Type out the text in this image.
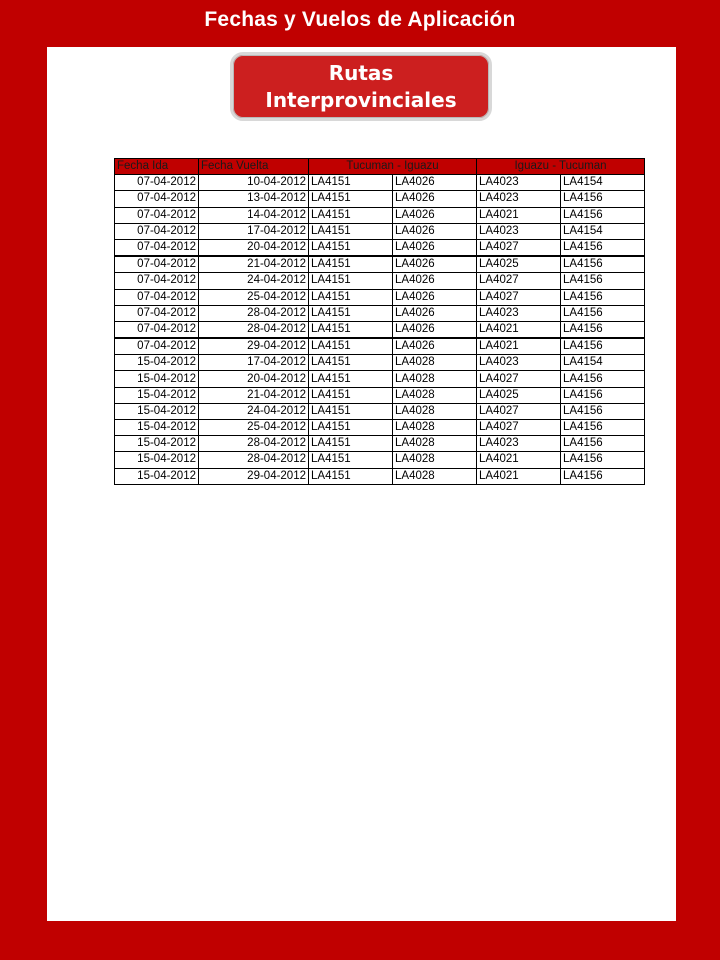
Fechas y Vuelos de Aplicación
Rutas Interprovinciales
Fecha Ida	Fecha Vuelta	Tucuman - Iguazu		Iguazu - Tucuman	
07-04-2012	10-04-2012	LA4151	LA4026	LA4023	LA4154
07-04-2012	13-04-2012	LA4151	LA4026	LA4023	LA4156
07-04-2012	14-04-2012	LA4151	LA4026	LA4021	LA4156
07-04-2012	17-04-2012	LA4151	LA4026	LA4023	LA4154
07-04-2012	20-04-2012	LA4151	LA4026	LA4027	LA4156
07-04-2012	21-04-2012	LA4151	LA4026	LA4025	LA4156
07-04-2012	24-04-2012	LA4151	LA4026	LA4027	LA4156
07-04-2012	25-04-2012	LA4151	LA4026	LA4027	LA4156
07-04-2012	28-04-2012	LA4151	LA4026	LA4023	LA4156
07-04-2012	28-04-2012	LA4151	LA4026	LA4021	LA4156
07-04-2012	29-04-2012	LA4151	LA4026	LA4021	LA4156
15-04-2012	17-04-2012	LA4151	LA4028	LA4023	LA4154
15-04-2012	20-04-2012	LA4151	LA4028	LA4027	LA4156
15-04-2012	21-04-2012	LA4151	LA4028	LA4025	LA4156
15-04-2012	24-04-2012	LA4151	LA4028	LA4027	LA4156
15-04-2012	25-04-2012	LA4151	LA4028	LA4027	LA4156
15-04-2012	28-04-2012	LA4151	LA4028	LA4023	LA4156
15-04-2012	28-04-2012	LA4151	LA4028	LA4021	LA4156
15-04-2012	29-04-2012	LA4151	LA4028	LA4021	LA4156
